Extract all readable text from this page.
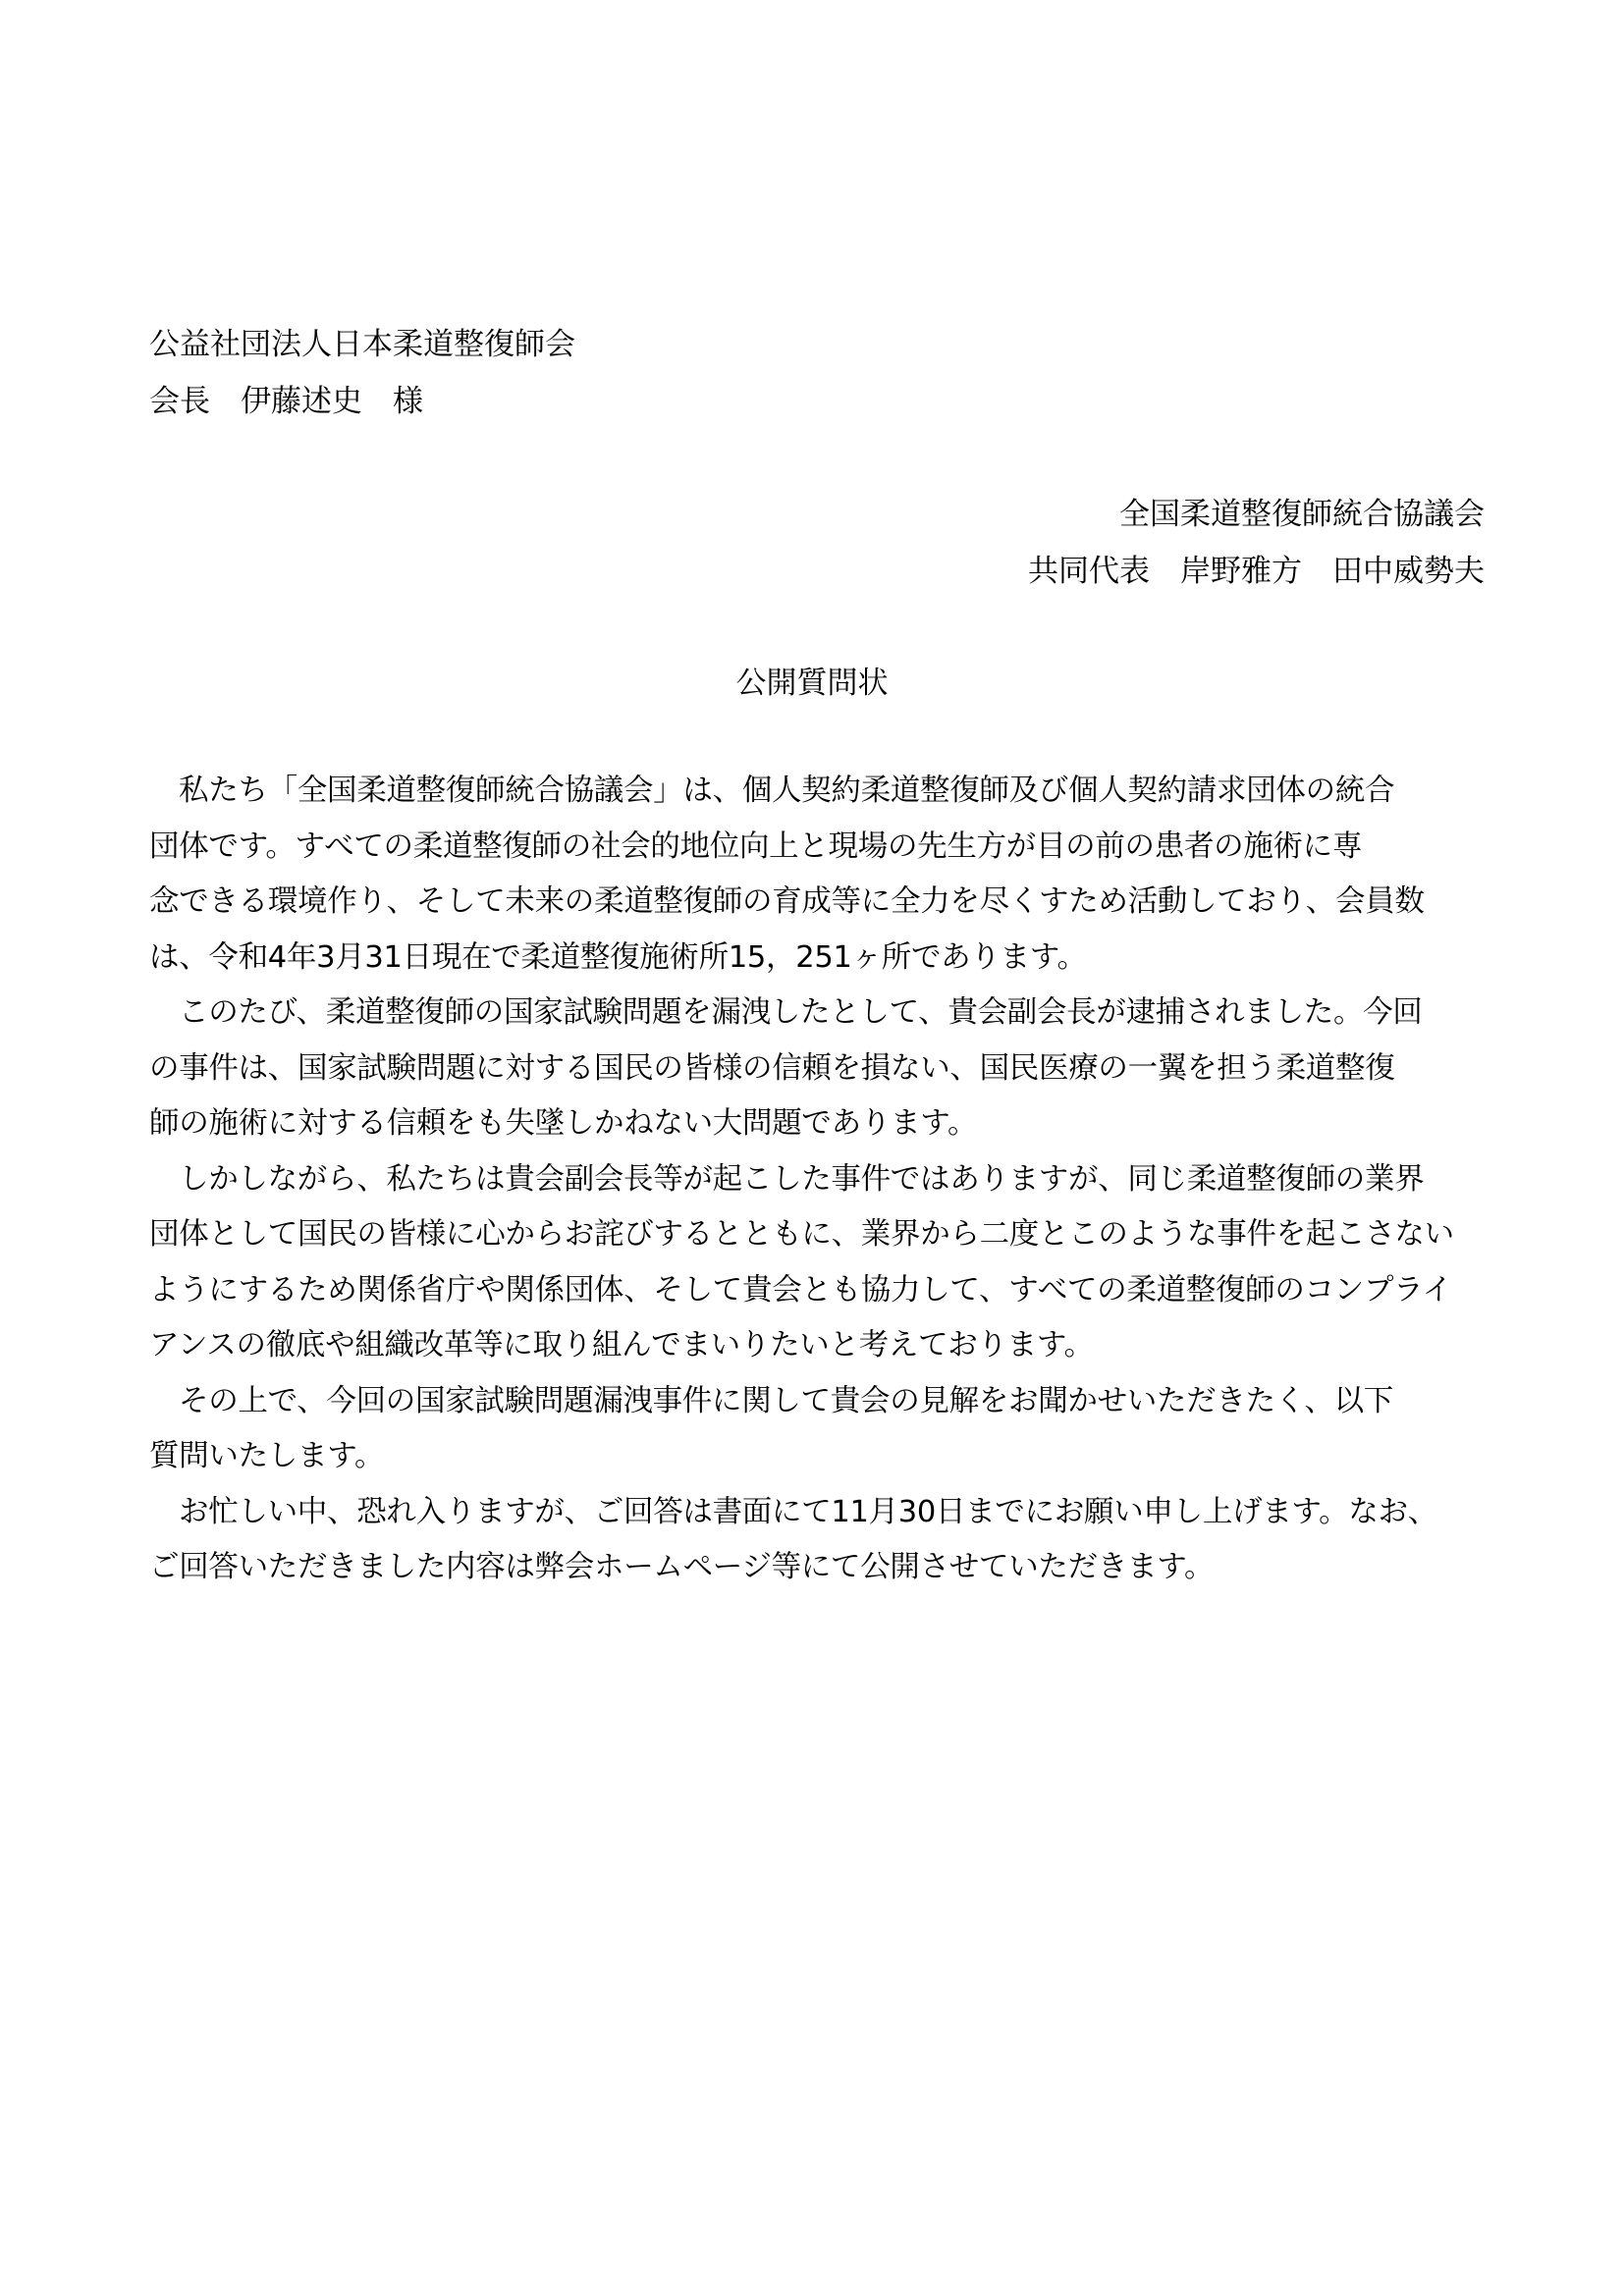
公益社団法人日本柔道整復師会
会長　伊藤述史　様
全国柔道整復師統合協議会
共同代表　岸野雅方　田中威勢夫
公開質問状
私たち「全国柔道整復師統合協議会」は、個人契約柔道整復師及び個人契約請求団体の統合
団体です。すべての柔道整復師の社会的地位向上と現場の先生方が目の前の患者の施術に専
念できる環境作り、そして未来の柔道整復師の育成等に全力を尽くすため活動しており、会員数
は、令和4年3月31日現在で柔道整復施術所15，251ヶ所であります。
このたび、柔道整復師の国家試験問題を漏洩したとして、貴会副会長が逮捕されました。今回
の事件は、国家試験問題に対する国民の皆様の信頼を損ない、国民医療の一翼を担う柔道整復
師の施術に対する信頼をも失墜しかねない大問題であります。
しかしながら、私たちは貴会副会長等が起こした事件ではありますが、同じ柔道整復師の業界
団体として国民の皆様に心からお詫びするとともに、業界から二度とこのような事件を起こさない
ようにするため関係省庁や関係団体、そして貴会とも協力して、すべての柔道整復師のコンプライ
アンスの徹底や組織改革等に取り組んでまいりたいと考えております。
その上で、今回の国家試験問題漏洩事件に関して貴会の見解をお聞かせいただきたく、以下
質問いたします。
お忙しい中、恐れ入りますが、ご回答は書面にて11月30日までにお願い申し上げます。なお、
ご回答いただきました内容は弊会ホームページ等にて公開させていただきます。
